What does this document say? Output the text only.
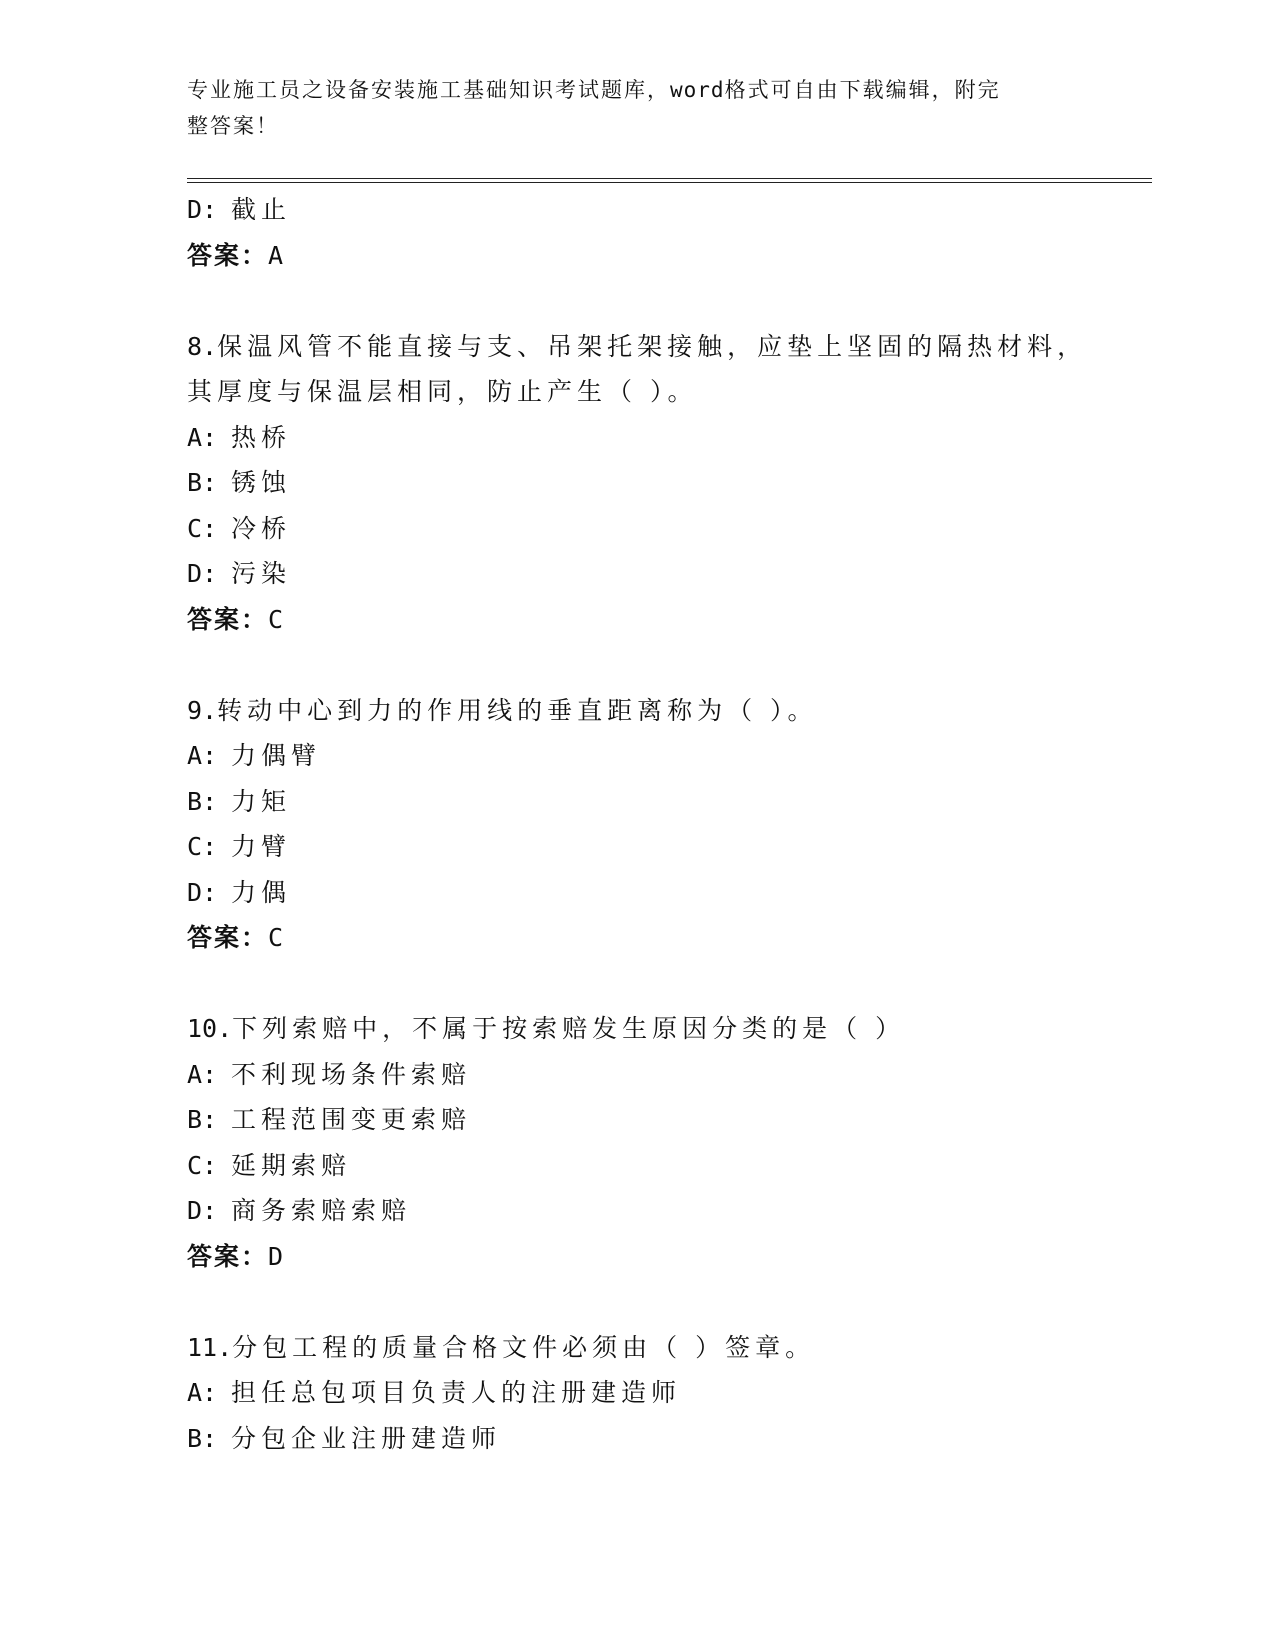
专业施工员之设备安装施工基础知识考试题库，word格式可自由下载编辑，附完
整答案！
D: 截止
答案：A
8.保温风管不能直接与支、吊架托架接触，应垫上坚固的隔热材料，
其厚度与保温层相同，防止产生（ ）。
A: 热桥
B: 锈蚀
C: 冷桥
D: 污染
答案：C
9.转动中心到力的作用线的垂直距离称为（ ）。
A: 力偶臂
B: 力矩
C: 力臂
D: 力偶
答案：C
10.下列索赔中，不属于按索赔发生原因分类的是（ ）
A: 不利现场条件索赔
B: 工程范围变更索赔
C: 延期索赔
D: 商务索赔索赔
答案：D
11.分包工程的质量合格文件必须由（ ）签章。
A: 担任总包项目负责人的注册建造师
B: 分包企业注册建造师
